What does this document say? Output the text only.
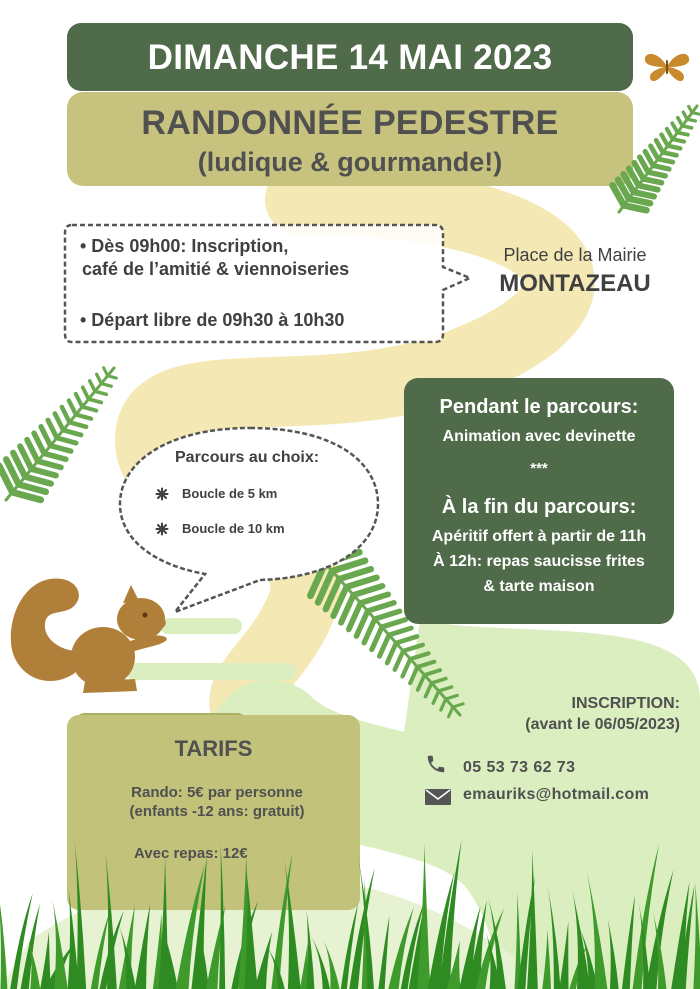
DIMANCHE 14 MAI 2023
RANDONNÉE PEDESTRE
(ludique & gourmande!)
• Dès 09h00: Inscription,
café de l’amitié & viennoiseries
• Départ libre de 09h30 à 10h30
Place de la Mairie
MONTAZEAU
Pendant le parcours:
Animation avec devinette
***
À la fin du parcours:
Apéritif offert à partir de 11h
À 12h: repas saucisse frites
& tarte maison
Parcours au choix:
Boucle de 5 km
Boucle de 10 km
TARIFS
Rando: 5€ par personne
(enfants -12 ans: gratuit)
Avec repas: 12€
INSCRIPTION:
(avant le 06/05/2023)
05 53 73 62 73
emauriks@hotmail.com
